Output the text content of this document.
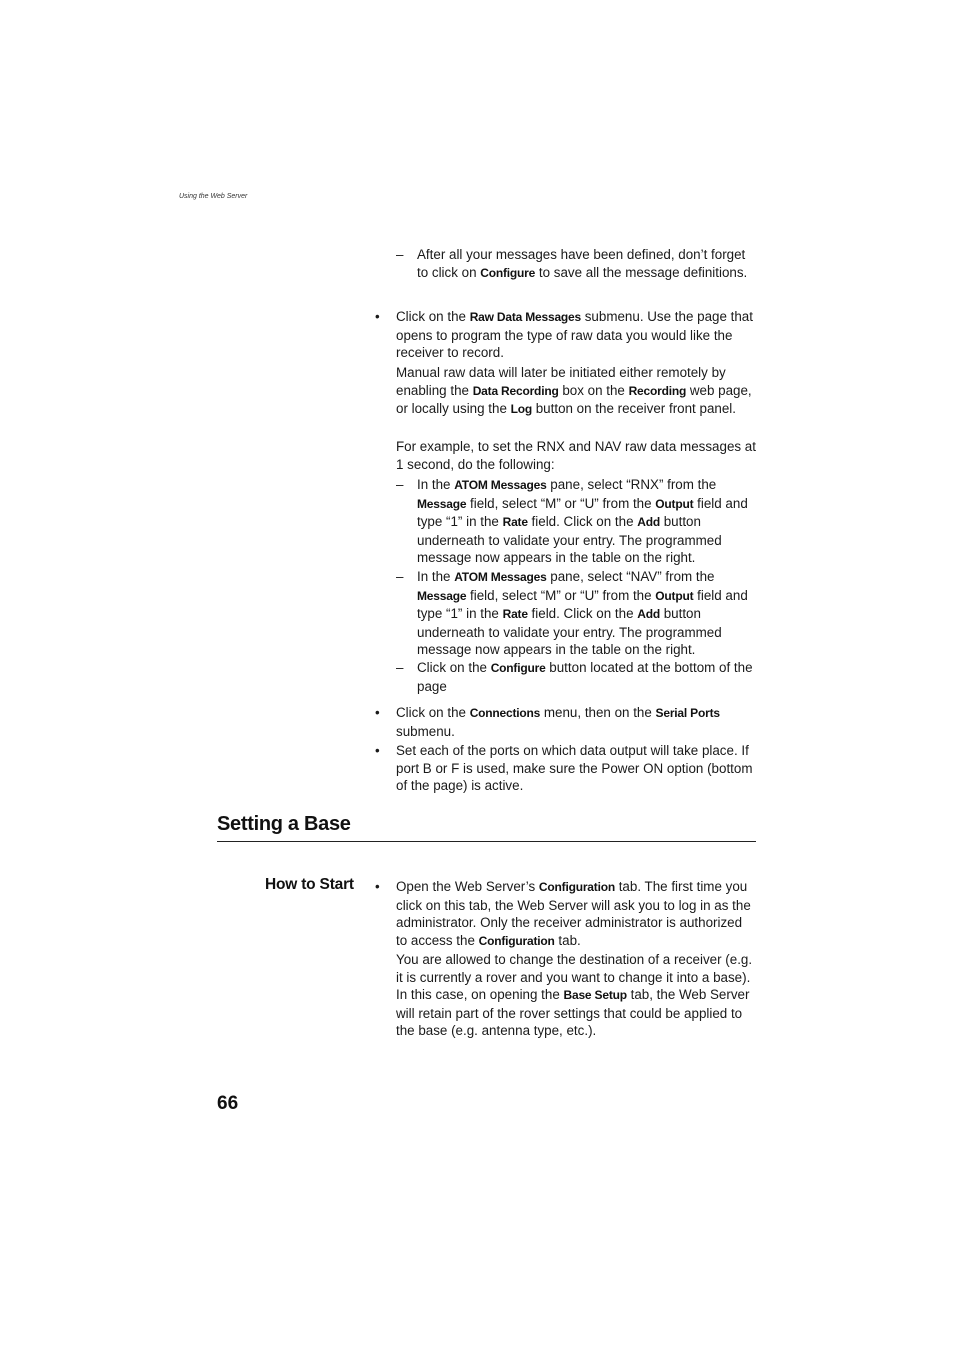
Using the Web Server

– After all your messages have been defined, don’t forget to click on Configure to save all the message definitions.

• Click on the Raw Data Messages submenu. Use the page that opens to program the type of raw data you would like the receiver to record.

Manual raw data will later be initiated either remotely by enabling the Data Recording box on the Recording web page, or locally using the Log button on the receiver front panel.

For example, to set the RNX and NAV raw data messages at 1 second, do the following:

– In the ATOM Messages pane, select “RNX” from the Message field, select “M” or “U” from the Output field and type “1” in the Rate field. Click on the Add button underneath to validate your entry. The programmed message now appears in the table on the right.

– In the ATOM Messages pane, select “NAV” from the Message field, select “M” or “U” from the Output field and type “1” in the Rate field. Click on the Add button underneath to validate your entry. The programmed message now appears in the table on the right.

– Click on the Configure button located at the bottom of the page

• Click on the Connections menu, then on the Serial Ports submenu.

• Set each of the ports on which data output will take place. If port B or F is used, make sure the Power ON option (bottom of the page) is active.

Setting a Base
How to Start • Open the Web Server’s Configuration tab. The first time you click on this tab, the Web Server will ask you to log in as the administrator. Only the receiver administrator is authorized to access the Configuration tab.

You are allowed to change the destination of a receiver (e.g. it is currently a rover and you want to change it into a base). In this case, on opening the Base Setup tab, the Web Server will retain part of the rover settings that could be applied to the base (e.g. antenna type, etc.).

66
